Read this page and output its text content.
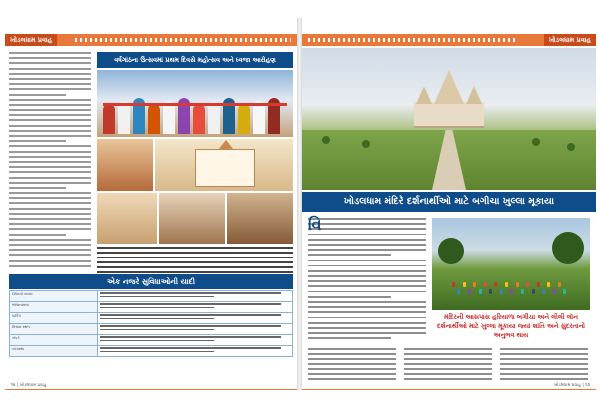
ખોડલધામ પ્રવાહ
વર્ષગાંઠના ઉત્સવમાં પ્રથમ દિવસે મહોત્સવ અને ધ્વજા આરોહણ
એક નજરે સુવિધાઓની યાદી
દર્શનનો સમય	

ભોજનશાળા	

પાર્કિંગ	

વિશ્રામ સ્થળ	

સંપર્ક	

વ્યવસ્થા	
૧૨ | ખોડલધામ પ્રવાહ
ખોડલધામ પ્રવાહ
ખોડલધામ મંદિરે દર્શનાર્થીઓ માટે બગીચા ખુલ્લા મૂકાયા
વિ
મંદિરની આસપાસ હરિયાળા બગીચા અને લીલી લૉન દર્શનાર્થીઓ માટે ખુલ્લા મૂકાયા જ્યાં શાંતિ અને સુંદરતાનો અનુભવ થાય
ખોડલધામ પ્રવાહ | ૧૩
